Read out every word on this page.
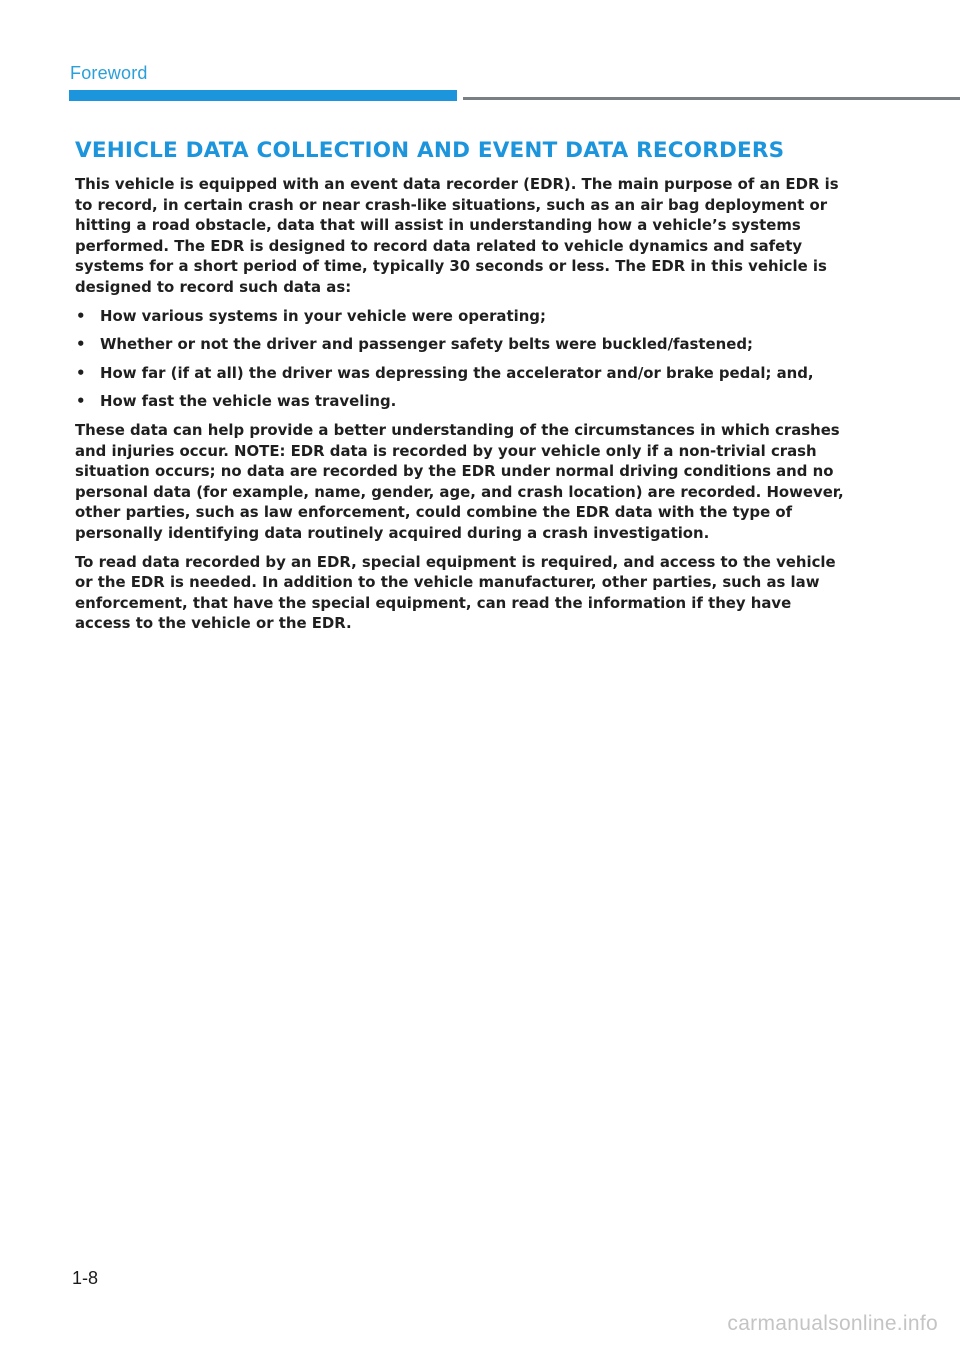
Foreword
VEHICLE DATA COLLECTION AND EVENT DATA RECORDERS

This vehicle is equipped with an event data recorder (EDR). The main purpose of an EDR is to record, in certain crash or near crash-like situations, such as an air bag deployment or hitting a road obstacle, data that will assist in understanding how a vehicle’s systems performed. The EDR is designed to record data related to vehicle dynamics and safety systems for a short period of time, typically 30 seconds or less. The EDR in this vehicle is designed to record such data as:

• How various systems in your vehicle were operating;
• Whether or not the driver and passenger safety belts were buckled/fastened;
• How far (if at all) the driver was depressing the accelerator and/or brake pedal; and,
• How fast the vehicle was traveling.

These data can help provide a better understanding of the circumstances in which crashes and injuries occur. NOTE: EDR data is recorded by your vehicle only if a non-trivial crash situation occurs; no data are recorded by the EDR under normal driving conditions and no personal data (for example, name, gender, age, and crash location) are recorded. However, other parties, such as law enforcement, could combine the EDR data with the type of personally identifying data routinely acquired during a crash investigation.

To read data recorded by an EDR, special equipment is required, and access to the vehicle or the EDR is needed. In addition to the vehicle manufacturer, other parties, such as law enforcement, that have the special equipment, can read the information if they have access to the vehicle or the EDR.

1-8
carmanualsonline.info
